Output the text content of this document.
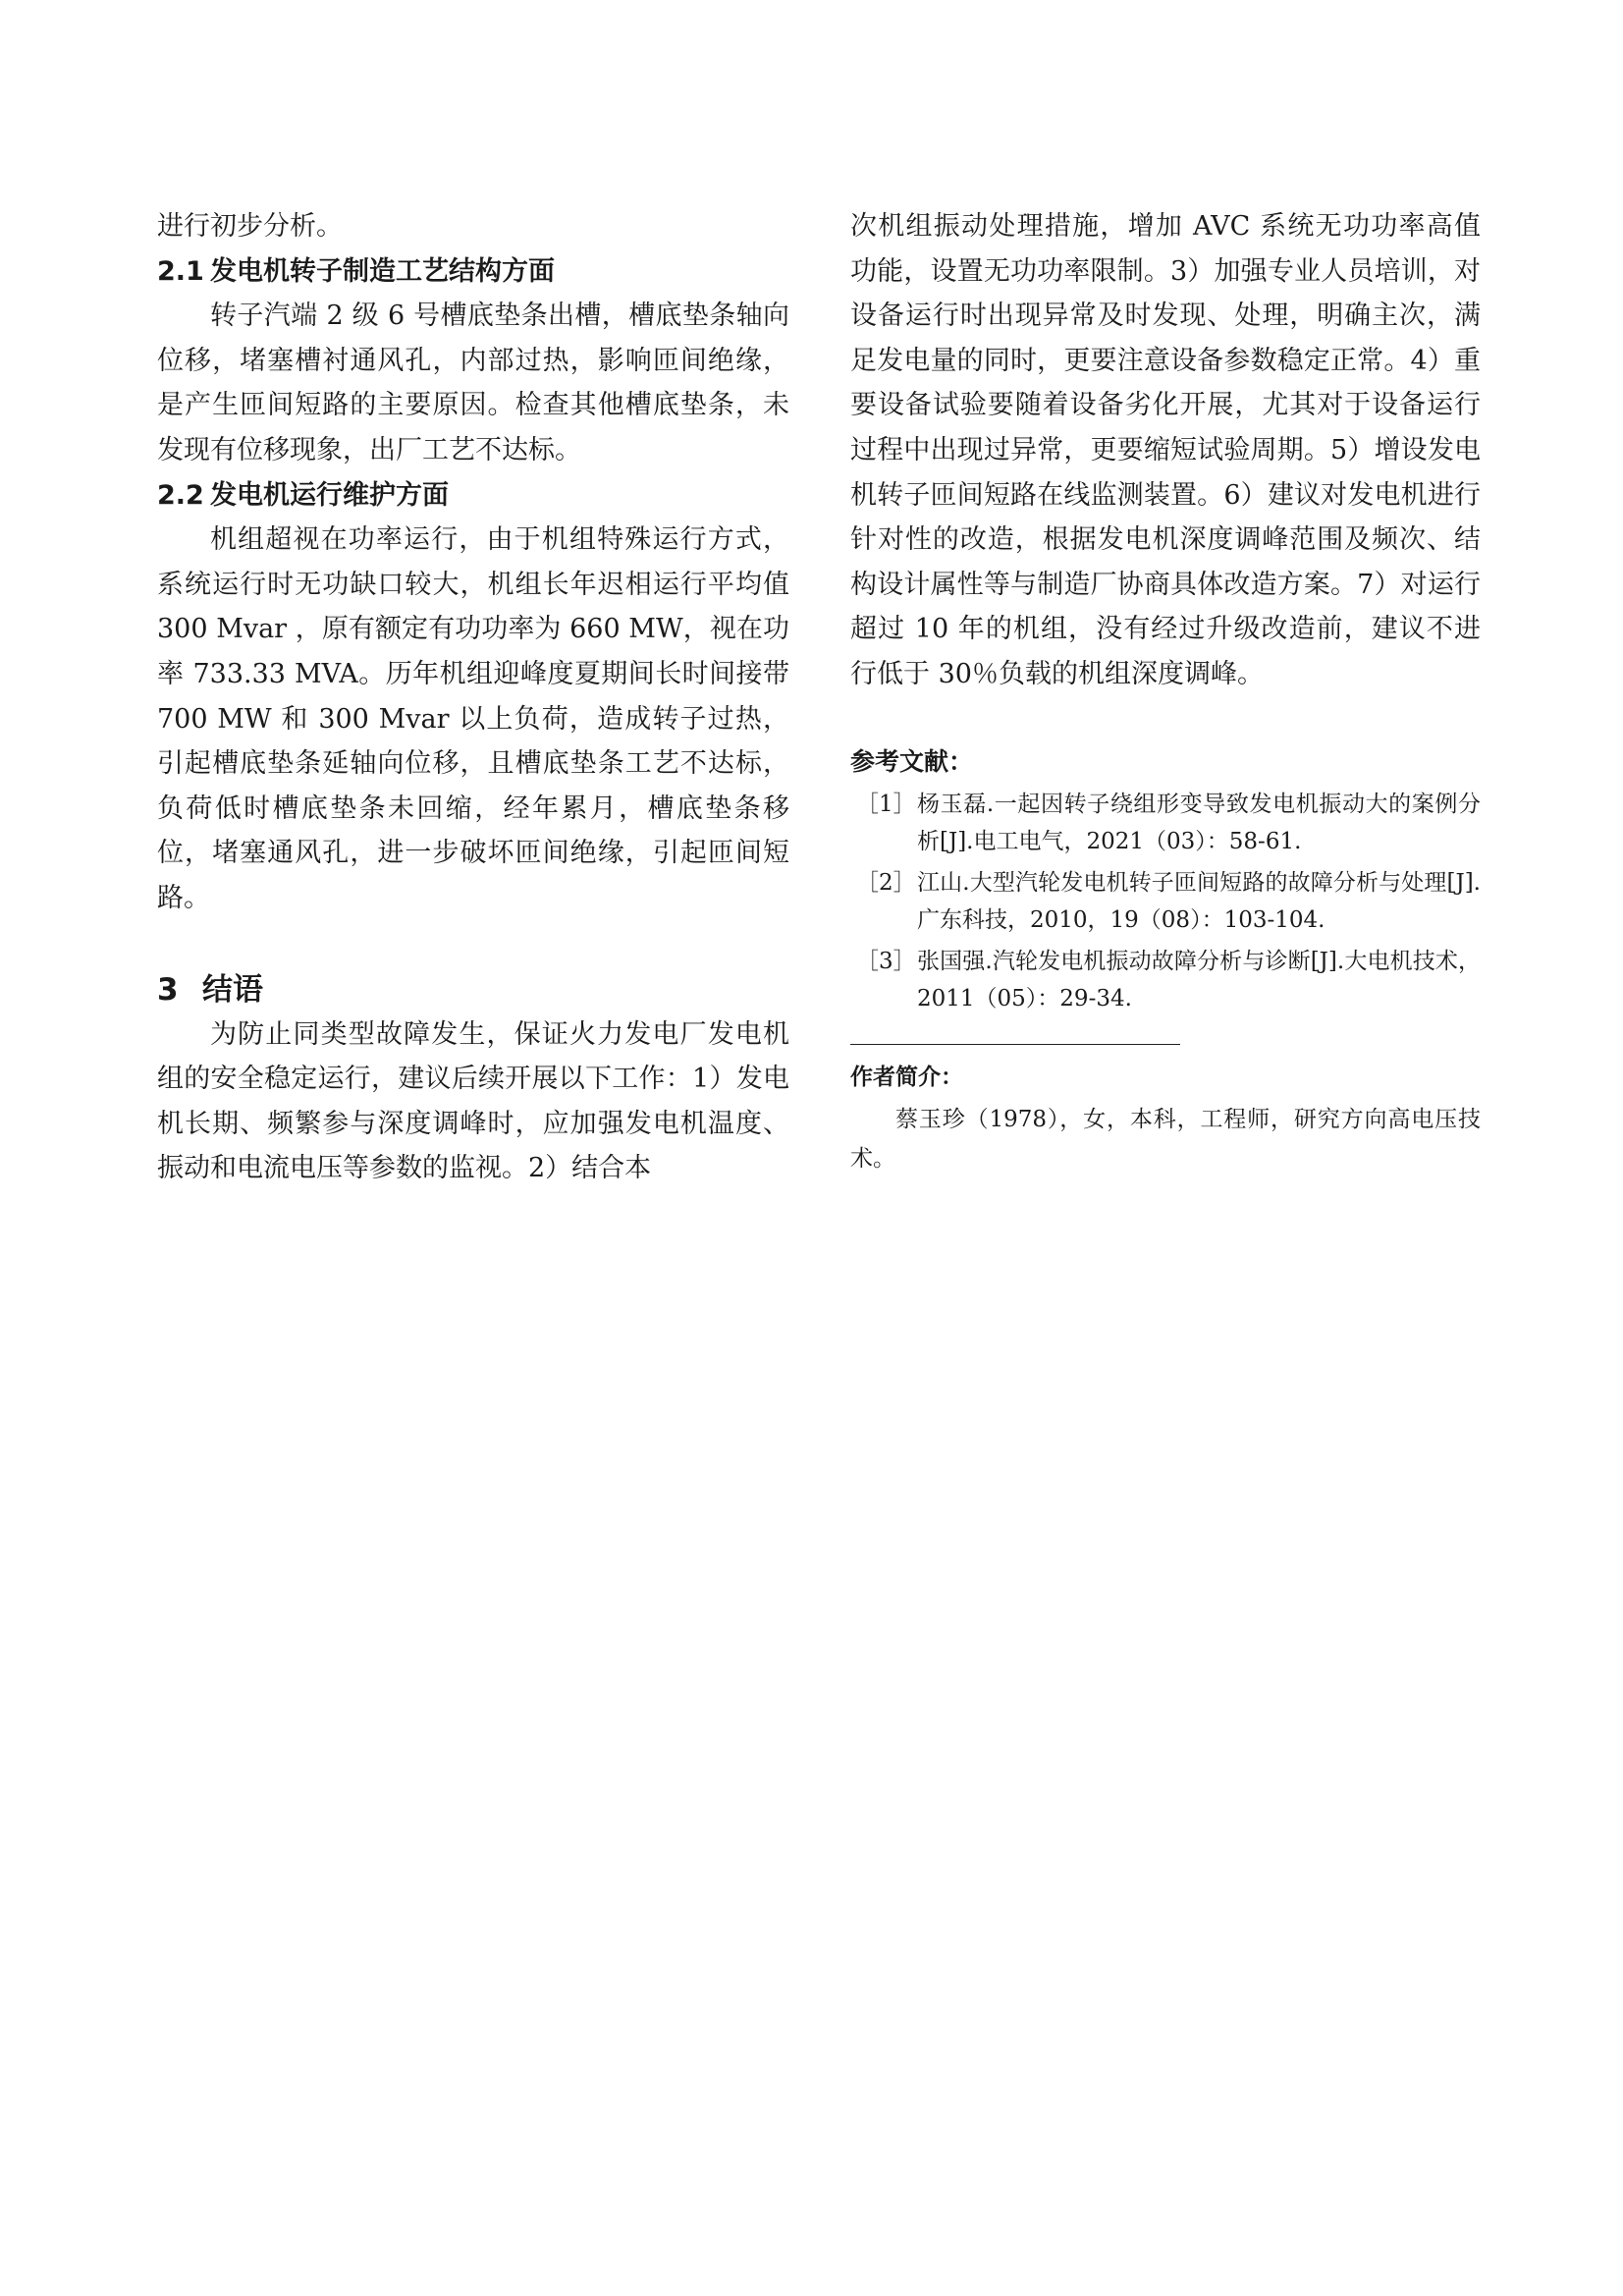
进行初步分析。

2.1 发电机转子制造工艺结构方面

转子汽端 2 级 6 号槽底垫条出槽，槽底垫条轴向位移，堵塞槽衬通风孔，内部过热，影响匝间绝缘，是产生匝间短路的主要原因。检查其他槽底垫条，未发现有位移现象，出厂工艺不达标。

2.2 发电机运行维护方面

机组超视在功率运行，由于机组特殊运行方式，系统运行时无功缺口较大，机组长年迟相运行平均值 300 Mvar ，原有额定有功功率为 660 MW，视在功率 733.33 MVA。历年机组迎峰度夏期间长时间接带 700 MW 和 300 Mvar 以上负荷，造成转子过热，引起槽底垫条延轴向位移，且槽底垫条工艺不达标，负荷低时槽底垫条未回缩，经年累月，槽底垫条移位，堵塞通风孔，进一步破坏匝间绝缘，引起匝间短路。

3 结语

为防止同类型故障发生，保证火力发电厂发电机组的安全稳定运行，建议后续开展以下工作：1）发电机长期、频繁参与深度调峰时，应加强发电机温度、振动和电流电压等参数的监视。2）结合本

次机组振动处理措施，增加 AVC 系统无功功率高值功能，设置无功功率限制。3）加强专业人员培训，对设备运行时出现异常及时发现、处理，明确主次，满足发电量的同时，更要注意设备参数稳定正常。4）重要设备试验要随着设备劣化开展，尤其对于设备运行过程中出现过异常，更要缩短试验周期。5）增设发电机转子匝间短路在线监测装置。6）建议对发电机进行针对性的改造，根据发电机深度调峰范围及频次、结构设计属性等与制造厂协商具体改造方案。7）对运行超过 10 年的机组，没有经过升级改造前，建议不进行低于 30％负载的机组深度调峰。

参考文献：
［1］ 杨玉磊.一起因转子绕组形变导致发电机振动大的案例分析[J].电工电气，2021（03）：58-61.
［2］ 江山.大型汽轮发电机转子匝间短路的故障分析与处理[J].广东科技，2010，19（08）：103-104.
［3］ 张国强.汽轮发电机振动故障分析与诊断[J].大电机技术，2011（05）：29-34.
作者简介：

蔡玉珍（1978），女，本科，工程师，研究方向高电压技术。
